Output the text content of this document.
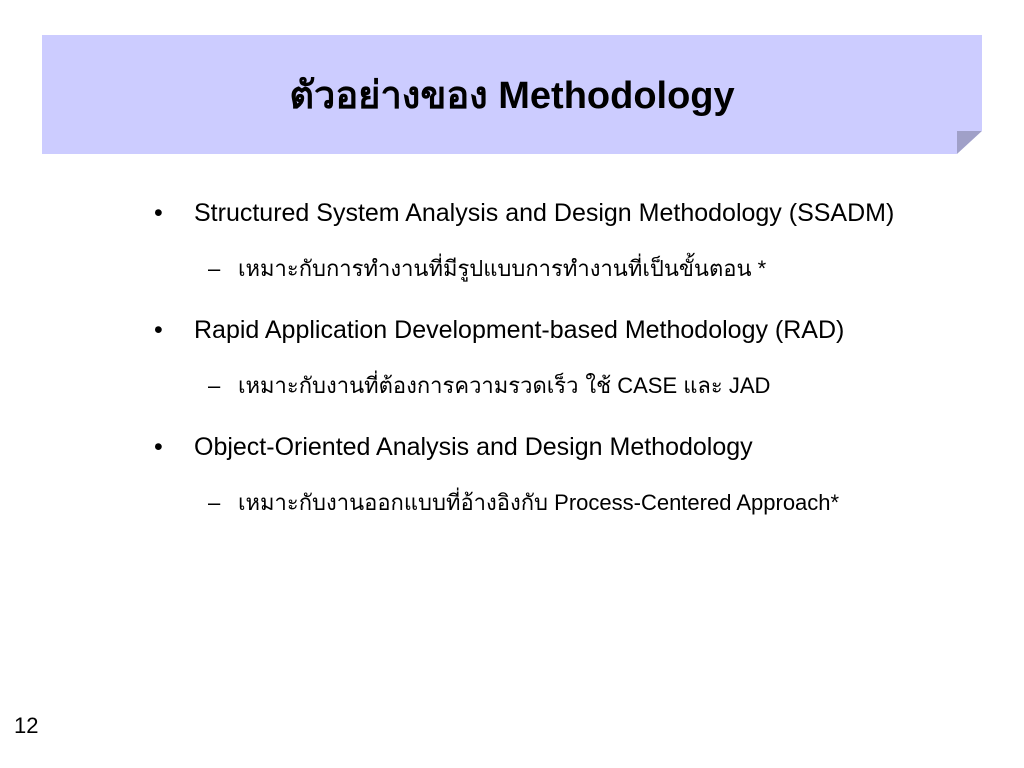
ตัวอย่างของ Methodology
• Structured System Analysis and Design Methodology (SSADM)
– เหมาะกับการทำงานที่มีรูปแบบการทำงานที่เป็นขั้นตอน *
• Rapid Application Development-based Methodology (RAD)
– เหมาะกับงานที่ต้องการความรวดเร็ว ใช้ CASE และ JAD
• Object-Oriented Analysis and Design Methodology
– เหมาะกับงานออกแบบที่อ้างอิงกับ Process-Centered Approach*
12
